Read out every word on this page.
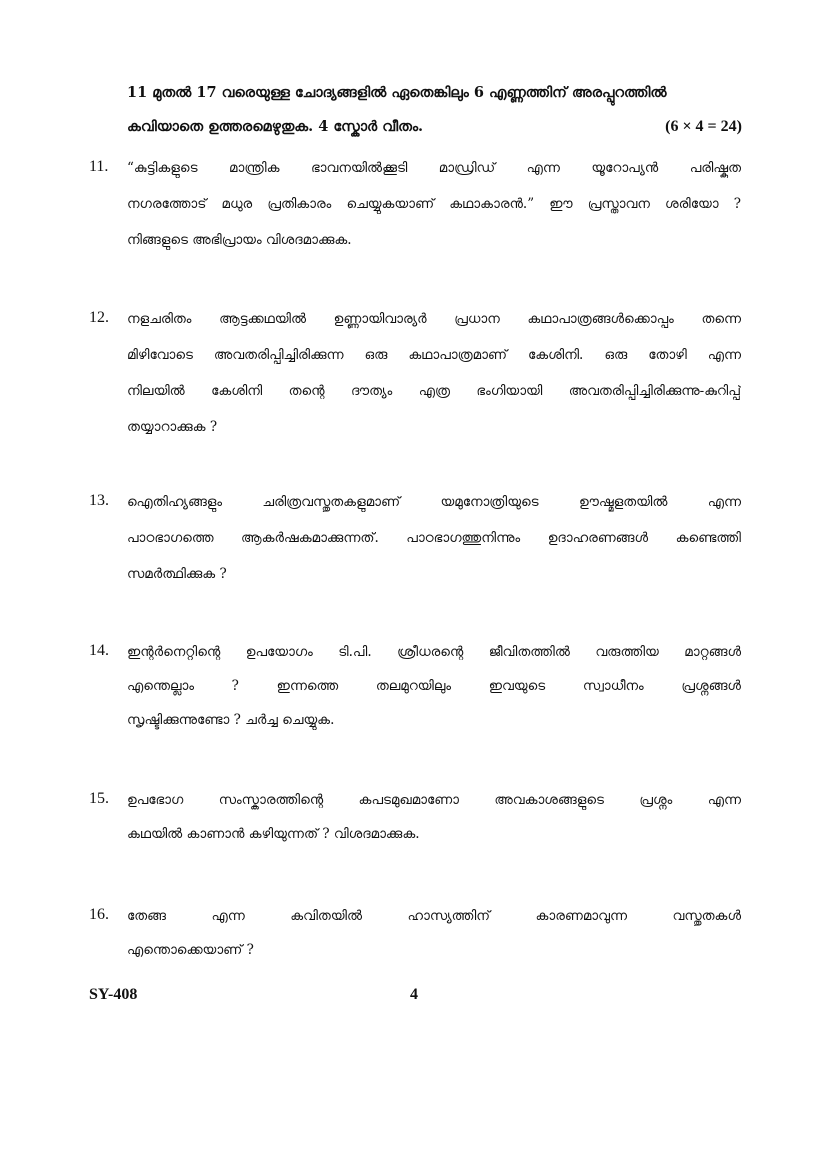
11 മുതൽ 17 വരെയുള്ള ചോദ്യങ്ങളിൽ ഏതെങ്കിലും 6 എണ്ണത്തിന് അരപ്പുറത്തിൽ
കവിയാതെ ഉത്തരമെഴുതുക. 4 സ്കോർ വീതം.	(6 × 4 = 24)
11. “കുട്ടികളുടെ മാന്ത്രിക ഭാവനയിൽക്കൂടി മാഡ്രിഡ് എന്ന യൂറോപ്യൻ പരിഷ്കൃത
നഗരത്തോട് മധുര പ്രതികാരം ചെയ്യുകയാണ് കഥാകാരൻ.” ഈ പ്രസ്താവന ശരിയോ ?
നിങ്ങളുടെ അഭിപ്രായം വിശദമാക്കുക.
12. നളചരിതം ആട്ടക്കഥയിൽ ഉണ്ണായിവാര്യർ പ്രധാന കഥാപാത്രങ്ങൾക്കൊപ്പം തന്നെ
മിഴിവോടെ അവതരിപ്പിച്ചിരിക്കുന്ന ഒരു കഥാപാത്രമാണ് കേശിനി. ഒരു തോഴി എന്ന
നിലയിൽ കേശിനി തന്റെ ദൗത്യം എത്ര ഭംഗിയായി അവതരിപ്പിച്ചിരിക്കുന്നു-കുറിപ്പ്
തയ്യാറാക്കുക ?
13. ഐതിഹ്യങ്ങളും ചരിത്രവസ്തുതകളുമാണ് യമുനോത്രിയുടെ ഊഷ്മളതയിൽ എന്ന
പാഠഭാഗത്തെ ആകർഷകമാക്കുന്നത്. പാഠഭാഗത്തുനിന്നും ഉദാഹരണങ്ങൾ കണ്ടെത്തി
സമർത്ഥിക്കുക ?
14. ഇന്റർനെറ്റിന്റെ ഉപയോഗം ടി.പി. ശ്രീധരന്റെ ജീവിതത്തിൽ വരുത്തിയ മാറ്റങ്ങൾ
എന്തെല്ലാം ? ഇന്നത്തെ തലമുറയിലും ഇവയുടെ സ്വാധീനം പ്രശ്നങ്ങൾ
സൃഷ്ടിക്കുന്നുണ്ടോ ? ചർച്ച ചെയ്യുക.
15. ഉപഭോഗ സംസ്കാരത്തിന്റെ കപടമുഖമാണോ അവകാശങ്ങളുടെ പ്രശ്നം എന്ന
കഥയിൽ കാണാൻ കഴിയുന്നത് ? വിശദമാക്കുക.
16. തേങ്ങ എന്ന കവിതയിൽ ഹാസ്യത്തിന് കാരണമാവുന്ന വസ്തുതകൾ
എന്തൊക്കെയാണ് ?
SY-408	4
